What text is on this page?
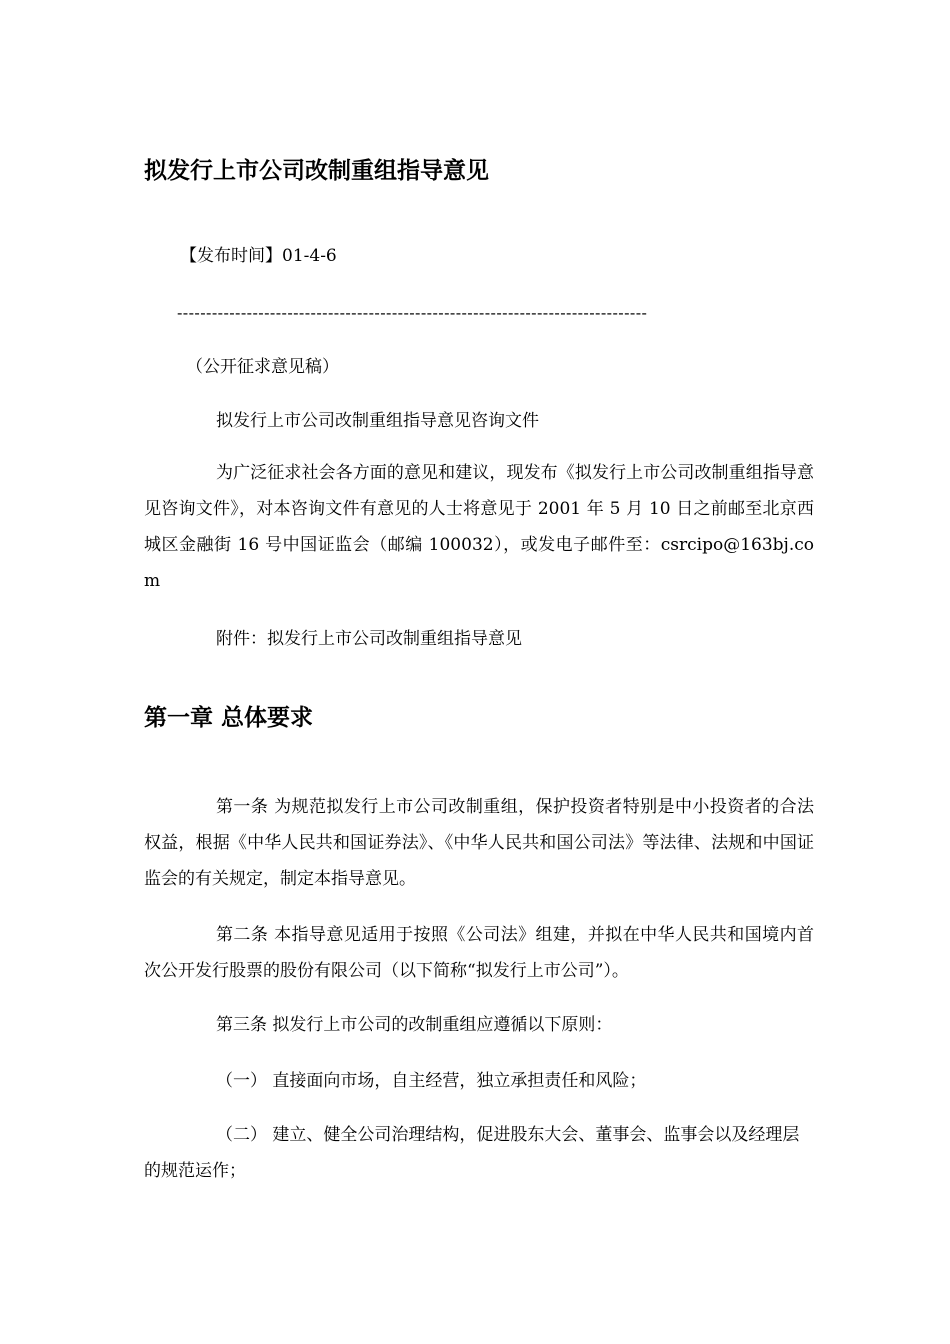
拟发行上市公司改制重组指导意见
【发布时间】01-4-6
---------------------------------------------------------------------------------
（公开征求意见稿）
拟发行上市公司改制重组指导意见咨询文件
为广泛征求社会各方面的意见和建议，现发布《拟发行上市公司改制重组指导意见咨询文件》，对本咨询文件有意见的人士将意见于 2001 年 5 月 10 日之前邮至北京西城区金融街 16 号中国证监会（邮编 100032），或发电子邮件至：csrcipo@163bj.com
附件：拟发行上市公司改制重组指导意见
第一章 总体要求
第一条 为规范拟发行上市公司改制重组，保护投资者特别是中小投资者的合法权益，根据《中华人民共和国证券法》、《中华人民共和国公司法》等法律、法规和中国证监会的有关规定，制定本指导意见。
第二条 本指导意见适用于按照《公司法》组建，并拟在中华人民共和国境内首次公开发行股票的股份有限公司（以下简称“拟发行上市公司”）。
第三条 拟发行上市公司的改制重组应遵循以下原则：
（一） 直接面向市场，自主经营，独立承担责任和风险；
（二） 建立、健全公司治理结构，促进股东大会、董事会、监事会以及经理层的规范运作；
